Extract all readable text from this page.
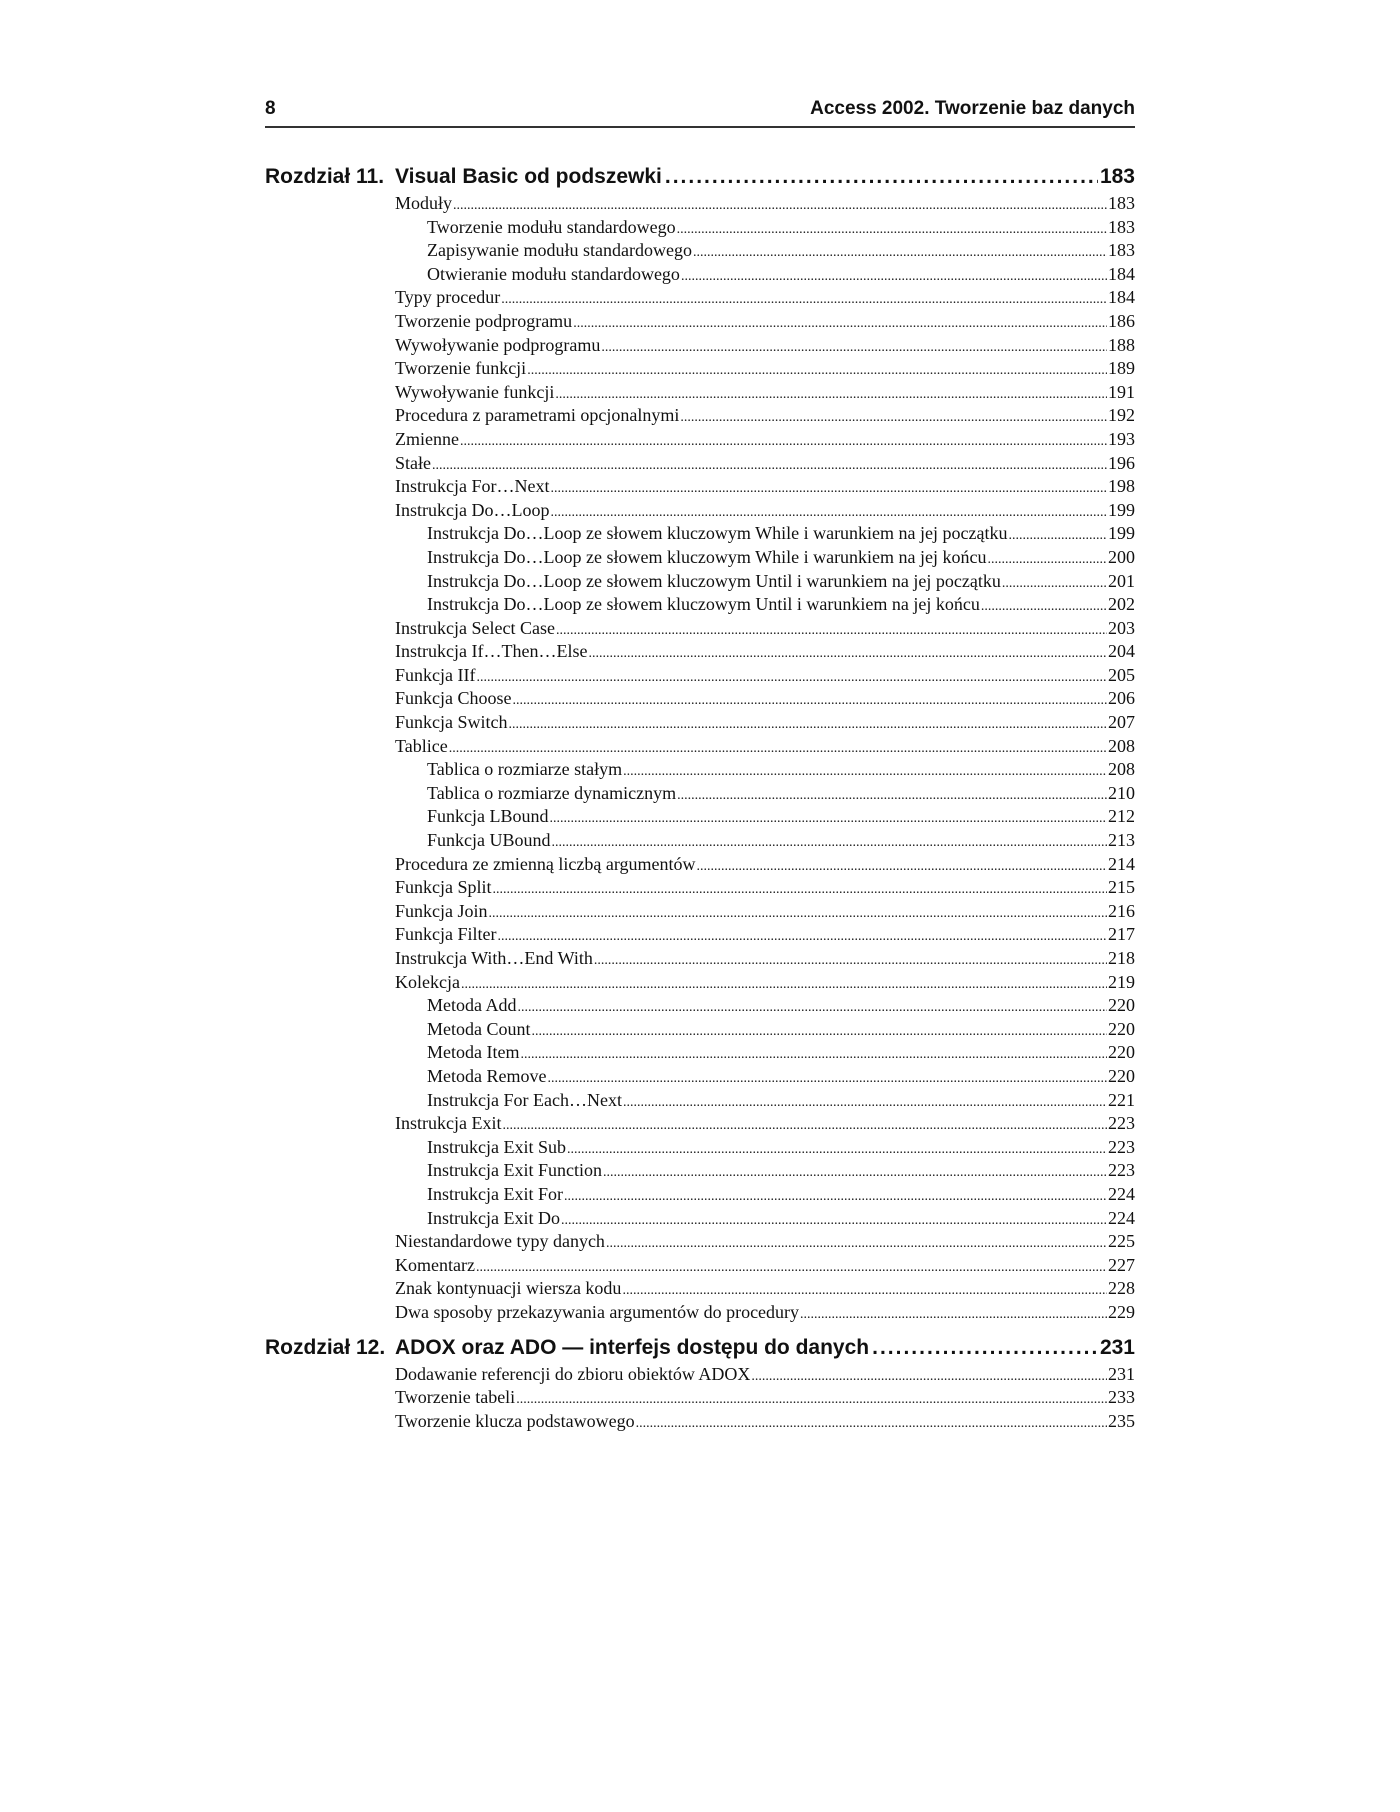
8	Access 2002. Tworzenie baz danych
Rozdział 11. Visual Basic od podszewki .....	183
Moduły .....	183
Tworzenie modułu standardowego .....	183
Zapisywanie modułu standardowego .....	183
Otwieranie modułu standardowego .....	184
Typy procedur .....	184
Tworzenie podprogramu .....	186
Wywoływanie podprogramu .....	188
Tworzenie funkcji .....	189
Wywoływanie funkcji .....	191
Procedura z parametrami opcjonalnymi .....	192
Zmienne .....	193
Stałe .....	196
Instrukcja For…Next .....	198
Instrukcja Do…Loop .....	199
Instrukcja Do…Loop ze słowem kluczowym While i warunkiem na jej początku .....	199
Instrukcja Do…Loop ze słowem kluczowym While i warunkiem na jej końcu .....	200
Instrukcja Do…Loop ze słowem kluczowym Until i warunkiem na jej początku .....	201
Instrukcja Do…Loop ze słowem kluczowym Until i warunkiem na jej końcu .....	202
Instrukcja Select Case .....	203
Instrukcja If…Then…Else .....	204
Funkcja IIf .....	205
Funkcja Choose .....	206
Funkcja Switch .....	207
Tablice .....	208
Tablica o rozmiarze stałym .....	208
Tablica o rozmiarze dynamicznym .....	210
Funkcja LBound .....	212
Funkcja UBound .....	213
Procedura ze zmienną liczbą argumentów .....	214
Funkcja Split .....	215
Funkcja Join .....	216
Funkcja Filter .....	217
Instrukcja With…End With .....	218
Kolekcja .....	219
Metoda Add .....	220
Metoda Count .....	220
Metoda Item .....	220
Metoda Remove .....	220
Instrukcja For Each…Next .....	221
Instrukcja Exit .....	223
Instrukcja Exit Sub .....	223
Instrukcja Exit Function .....	223
Instrukcja Exit For .....	224
Instrukcja Exit Do .....	224
Niestandardowe typy danych .....	225
Komentarz .....	227
Znak kontynuacji wiersza kodu .....	228
Dwa sposoby przekazywania argumentów do procedury .....	229
Rozdział 12. ADOX oraz ADO — interfejs dostępu do danych .....	231
Dodawanie referencji do zbioru obiektów ADOX .....	231
Tworzenie tabeli .....	233
Tworzenie klucza podstawowego .....	235
